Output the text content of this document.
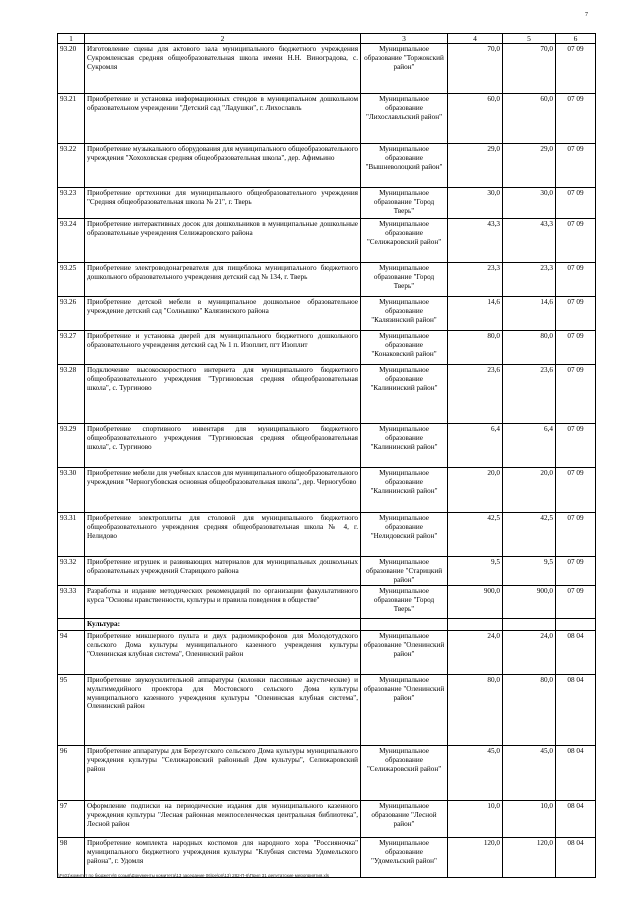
7
1	2	3	4	5	6
93.20	Изготовление сцены для актового зала муниципального бюджетного учреждения Сукромленская средняя общеобразовательная школа имени Н.Н. Виноградова, с. Сукромля	Муниципальное образование "Торжокский район"	70,0	70,0	07 09
93.21	Приобретение и установка информационных стендов в муниципальном дошкольном образовательном учреждении "Детский сад "Ладушки", г. Лихославль	Муниципальное образование "Лихославльский район"	60,0	60,0	07 09
93.22	Приобретение музыкального оборудования для муниципального общеобразовательного учреждения "Хохоховская средняя общеобразовательная школа", дер. Афимьино	Муниципальное образование "Вышневолоцкий район"	29,0	29,0	07 09
93.23	Приобретение оргтехники для муниципального общеобразовательного учреждения "Средняя общеобразовательная школа № 21", г. Тверь	Муниципальное образование "Город Тверь"	30,0	30,0	07 09
93.24	Приобретение интерактивных досок для дошкольников в муниципальные дошкольные образовательные учреждения Селижаровского района	Муниципальное образование "Селижаровский район"	43,3	43,3	07 09
93.25	Приобретение электроводонагревателя для пищеблока муниципального бюджетного дошкольного образовательного учреждения детский сад № 134, г. Тверь	Муниципальное образование "Город Тверь"	23,3	23,3	07 09
93.26	Приобретение детской мебели в муниципальное дошкольное образовательное учреждение детский сад "Солнышко" Калязинского района	Муниципальное образование "Калязинский район"	14,6	14,6	07 09
93.27	Приобретение и установка дверей для муниципального бюджетного дошкольного образовательного учреждения детский сад № 1 п. Изоплит, пгт Изоплит	Муниципальное образование "Конаковский район"	80,0	80,0	07 09
93.28	Подключение высокоскоростного интернета для муниципального бюджетного общеобразовательного учреждения "Тургиновская средняя общеобразовательная школа", с. Тургиново	Муниципальное образование "Калининский район"	23,6	23,6	07 09
93.29	Приобретение спортивного инвентаря для муниципального бюджетного общеобразовательного учреждения "Тургиновская средняя общеобразовательная школа", с. Тургиново	Муниципальное образование "Калининский район"	6,4	6,4	07 09
93.30	Приобретение мебели для учебных классов для муниципального общеобразовательного учреждения "Черногубовская основная общеобразовательная школа", дер. Черногубово	Муниципальное образование "Калининский район"	20,0	20,0	07 09
93.31	Приобретение электроплиты для столовой для муниципального бюджетного общеобразовательного учреждения средняя общеобразовательная школа № 4, г. Нелидово	Муниципальное образование "Нелидовский район"	42,5	42,5	07 09
93.32	Приобретение игрушек и развивающих материалов для муниципальных дошкольных образовательных учреждений Старицкого района	Муниципальное образование "Старицкий район"	9,5	9,5	07 09
93.33	Разработка и издание методических рекомендаций по организации факультативного курса "Основы нравственности, культуры и правила поведения в обществе"	Муниципальное образование "Город Тверь"	900,0	900,0	07 09
	Культура:				
94	Приобретение микшерного пульта и двух радиомикрофонов для Молодотудского сельского Дома культуры муниципального казенного учреждения культуры "Оленинская клубная система", Оленинский район	Муниципальное образование "Оленинский район"	24,0	24,0	08 04
95	Приобретение звукоусилительной аппаратуры (колонки пассивные акустические) и мультимедийного проектора для Мостовского сельского Дома культуры муниципального казенного учреждения культуры "Оленинская клубная система", Оленинский район	Муниципальное образование "Оленинский район"	80,0	80,0	08 04
96	Приобретение аппаратуры для Березугского сельского Дома культуры муниципального учреждения культуры "Селижаровский районный Дом культуры", Селижаровский район	Муниципальное образование "Селижаровский район"	45,0	45,0	08 04
97	Оформление подписки на периодические издания для муниципального казенного учреждения культуры "Лесная районная межпоселенческая центральная библиотека", Лесной район	Муниципальное образование "Лесной район"	10,0	10,0	08 04
98	Приобретение комплекта народных костюмов для народного хора "Россияночка" муниципального бюджетного учреждения культуры "Клубная система Удомельского района", г. Удомля	Муниципальное образование "Удомельский район"	120,0	120,0	08 04
\\Fs01\комитет по бюджету\6 созыв\Документы комитета\13 заседание 06\ре\рп\13) 282-П-6\Прил 31 депутатские мероприятия.xls
